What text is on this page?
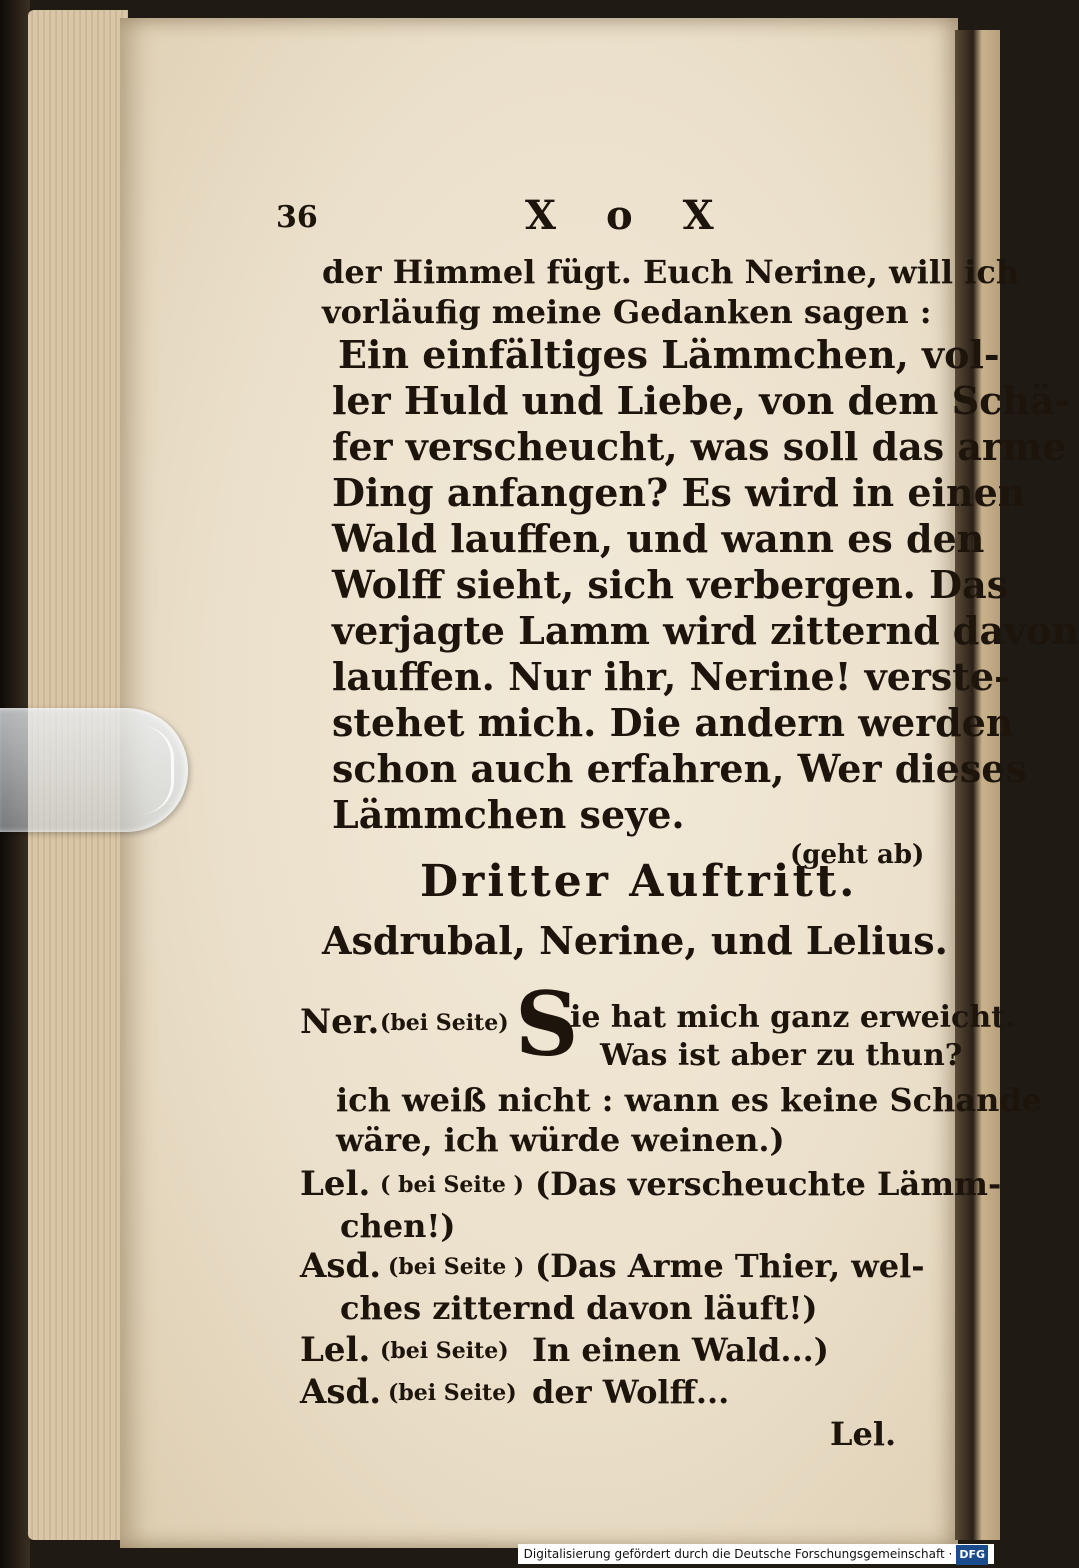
36	X o X
der Himmel fügt. Euch Nerine, will ich
vorläufig meine Gedanken sagen :
Ein einfältiges Lämmchen, vol-
ler Huld und Liebe, von dem Schä-
fer verscheucht, was soll das arme
Ding anfangen? Es wird in einen
Wald lauffen, und wann es den
Wolff sieht, sich verbergen. Das
verjagte Lamm wird zitternd davon
lauffen. Nur ihr, Nerine! verste-
stehet mich. Die andern werden
schon auch erfahren, Wer dieses
Lämmchen seye.
(geht ab)
Dritter Auftritt.
Asdrubal, Nerine, und Lelius.
Ner. (bei Seite) S
ie hat mich ganz erweicht.
Was ist aber zu thun?
ich weiß nicht : wann es keine Schande
wäre, ich würde weinen.)
Lel. ( bei Seite ) (Das verscheuchte Lämm-
chen!)
Asd. (bei Seite ) (Das Arme Thier, wel-
ches zitternd davon läuft!)
Lel. (bei Seite) In einen Wald...)
Asd. (bei Seite) der Wolff...
Lel.
Digitalisierung gefördert durch die Deutsche Forschungsgemeinschaft · DFG
